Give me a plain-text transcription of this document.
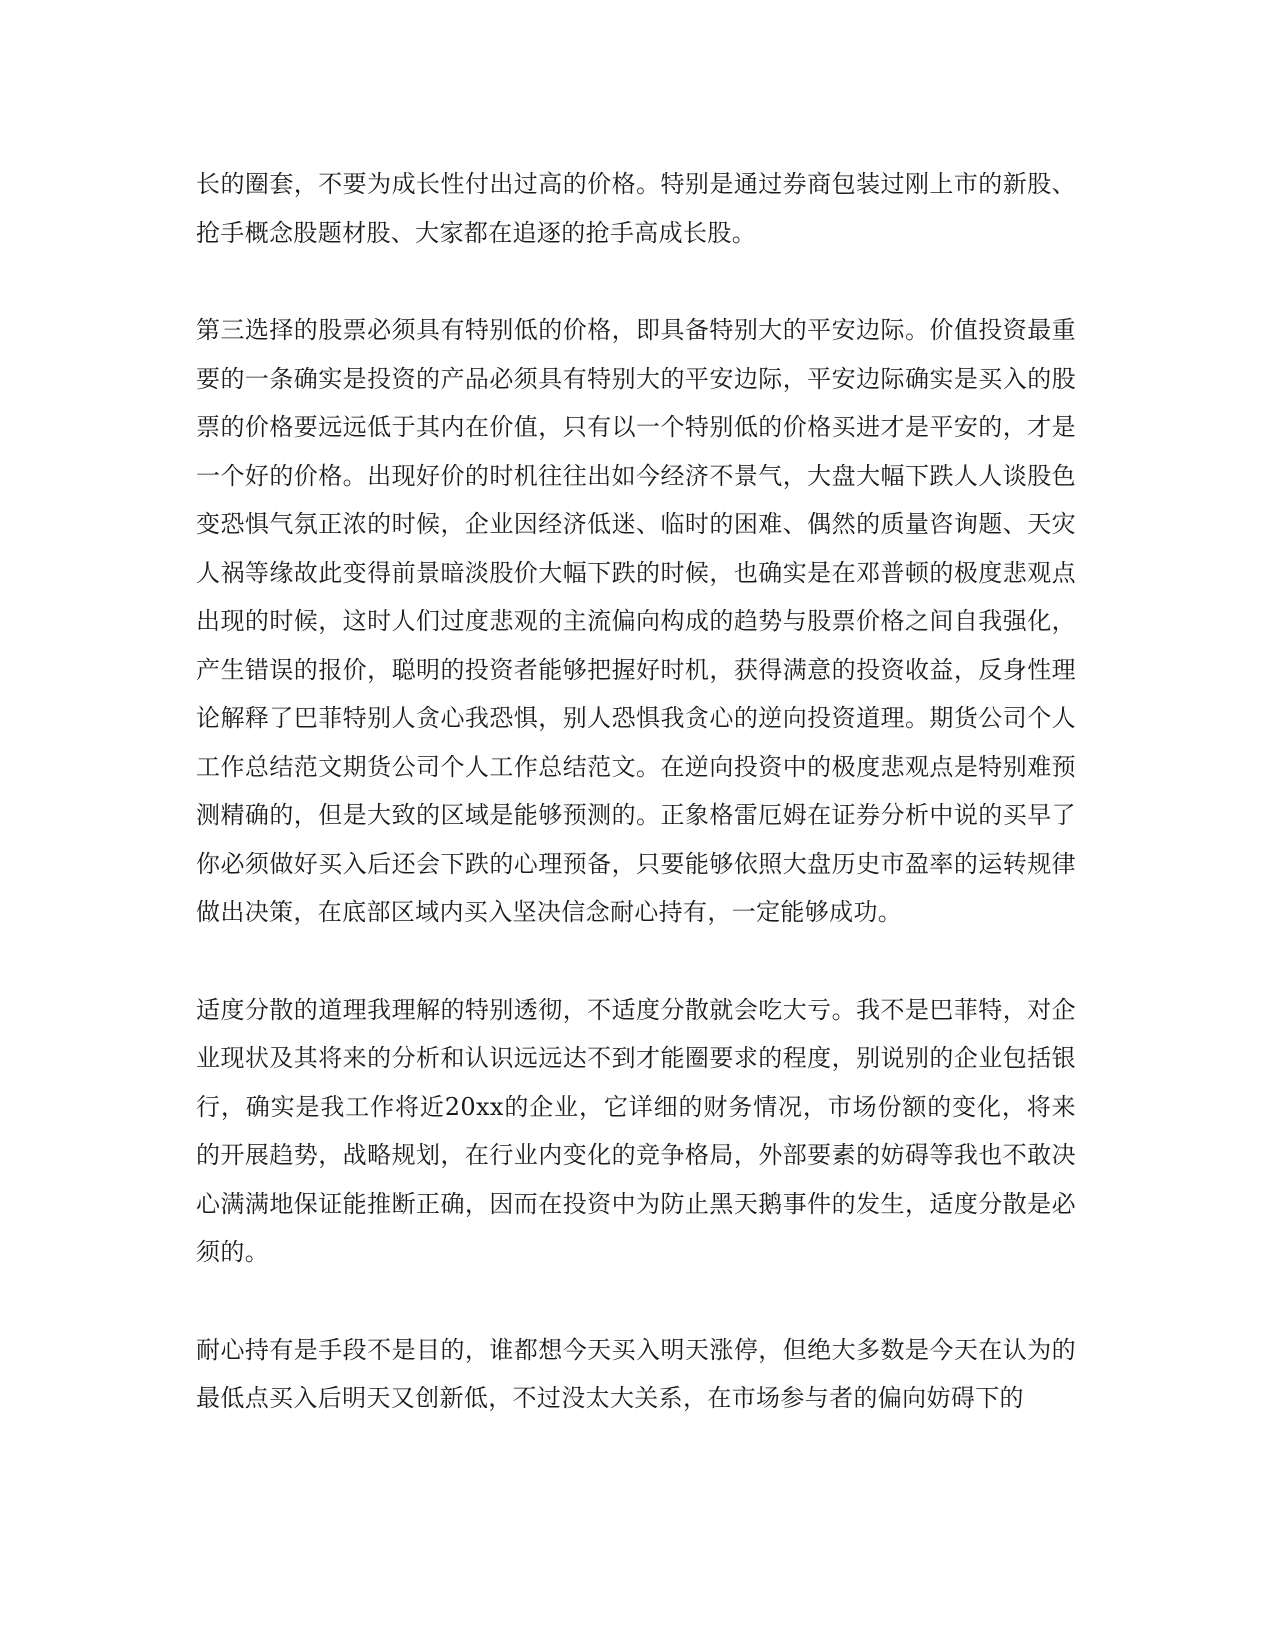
长的圈套，不要为成长性付出过高的价格。特别是通过券商包装过刚上市的新股、抢手概念股题材股、大家都在追逐的抢手高成长股。

第三选择的股票必须具有特别低的价格，即具备特别大的平安边际。价值投资最重要的一条确实是投资的产品必须具有特别大的平安边际，平安边际确实是买入的股票的价格要远远低于其内在价值，只有以一个特别低的价格买进才是平安的，才是一个好的价格。出现好价的时机往往出如今经济不景气，大盘大幅下跌人人谈股色变恐惧气氛正浓的时候，企业因经济低迷、临时的困难、偶然的质量咨询题、天灾人祸等缘故此变得前景暗淡股价大幅下跌的时候，也确实是在邓普顿的极度悲观点出现的时候，这时人们过度悲观的主流偏向构成的趋势与股票价格之间自我强化，产生错误的报价，聪明的投资者能够把握好时机，获得满意的投资收益，反身性理论解释了巴菲特别人贪心我恐惧，别人恐惧我贪心的逆向投资道理。期货公司个人工作总结范文期货公司个人工作总结范文。在逆向投资中的极度悲观点是特别难预测精确的，但是大致的区域是能够预测的。正象格雷厄姆在证券分析中说的买早了你必须做好买入后还会下跌的心理预备，只要能够依照大盘历史市盈率的运转规律做出决策，在底部区域内买入坚决信念耐心持有，一定能够成功。

适度分散的道理我理解的特别透彻，不适度分散就会吃大亏。我不是巴菲特，对企业现状及其将来的分析和认识远远达不到才能圈要求的程度，别说别的企业包括银行，确实是我工作将近20xx的企业，它详细的财务情况，市场份额的变化，将来的开展趋势，战略规划，在行业内变化的竞争格局，外部要素的妨碍等我也不敢决心满满地保证能推断正确，因而在投资中为防止黑天鹅事件的发生，适度分散是必须的。

耐心持有是手段不是目的，谁都想今天买入明天涨停，但绝大多数是今天在认为的最低点买入后明天又创新低，不过没太大关系，在市场参与者的偏向妨碍下的
